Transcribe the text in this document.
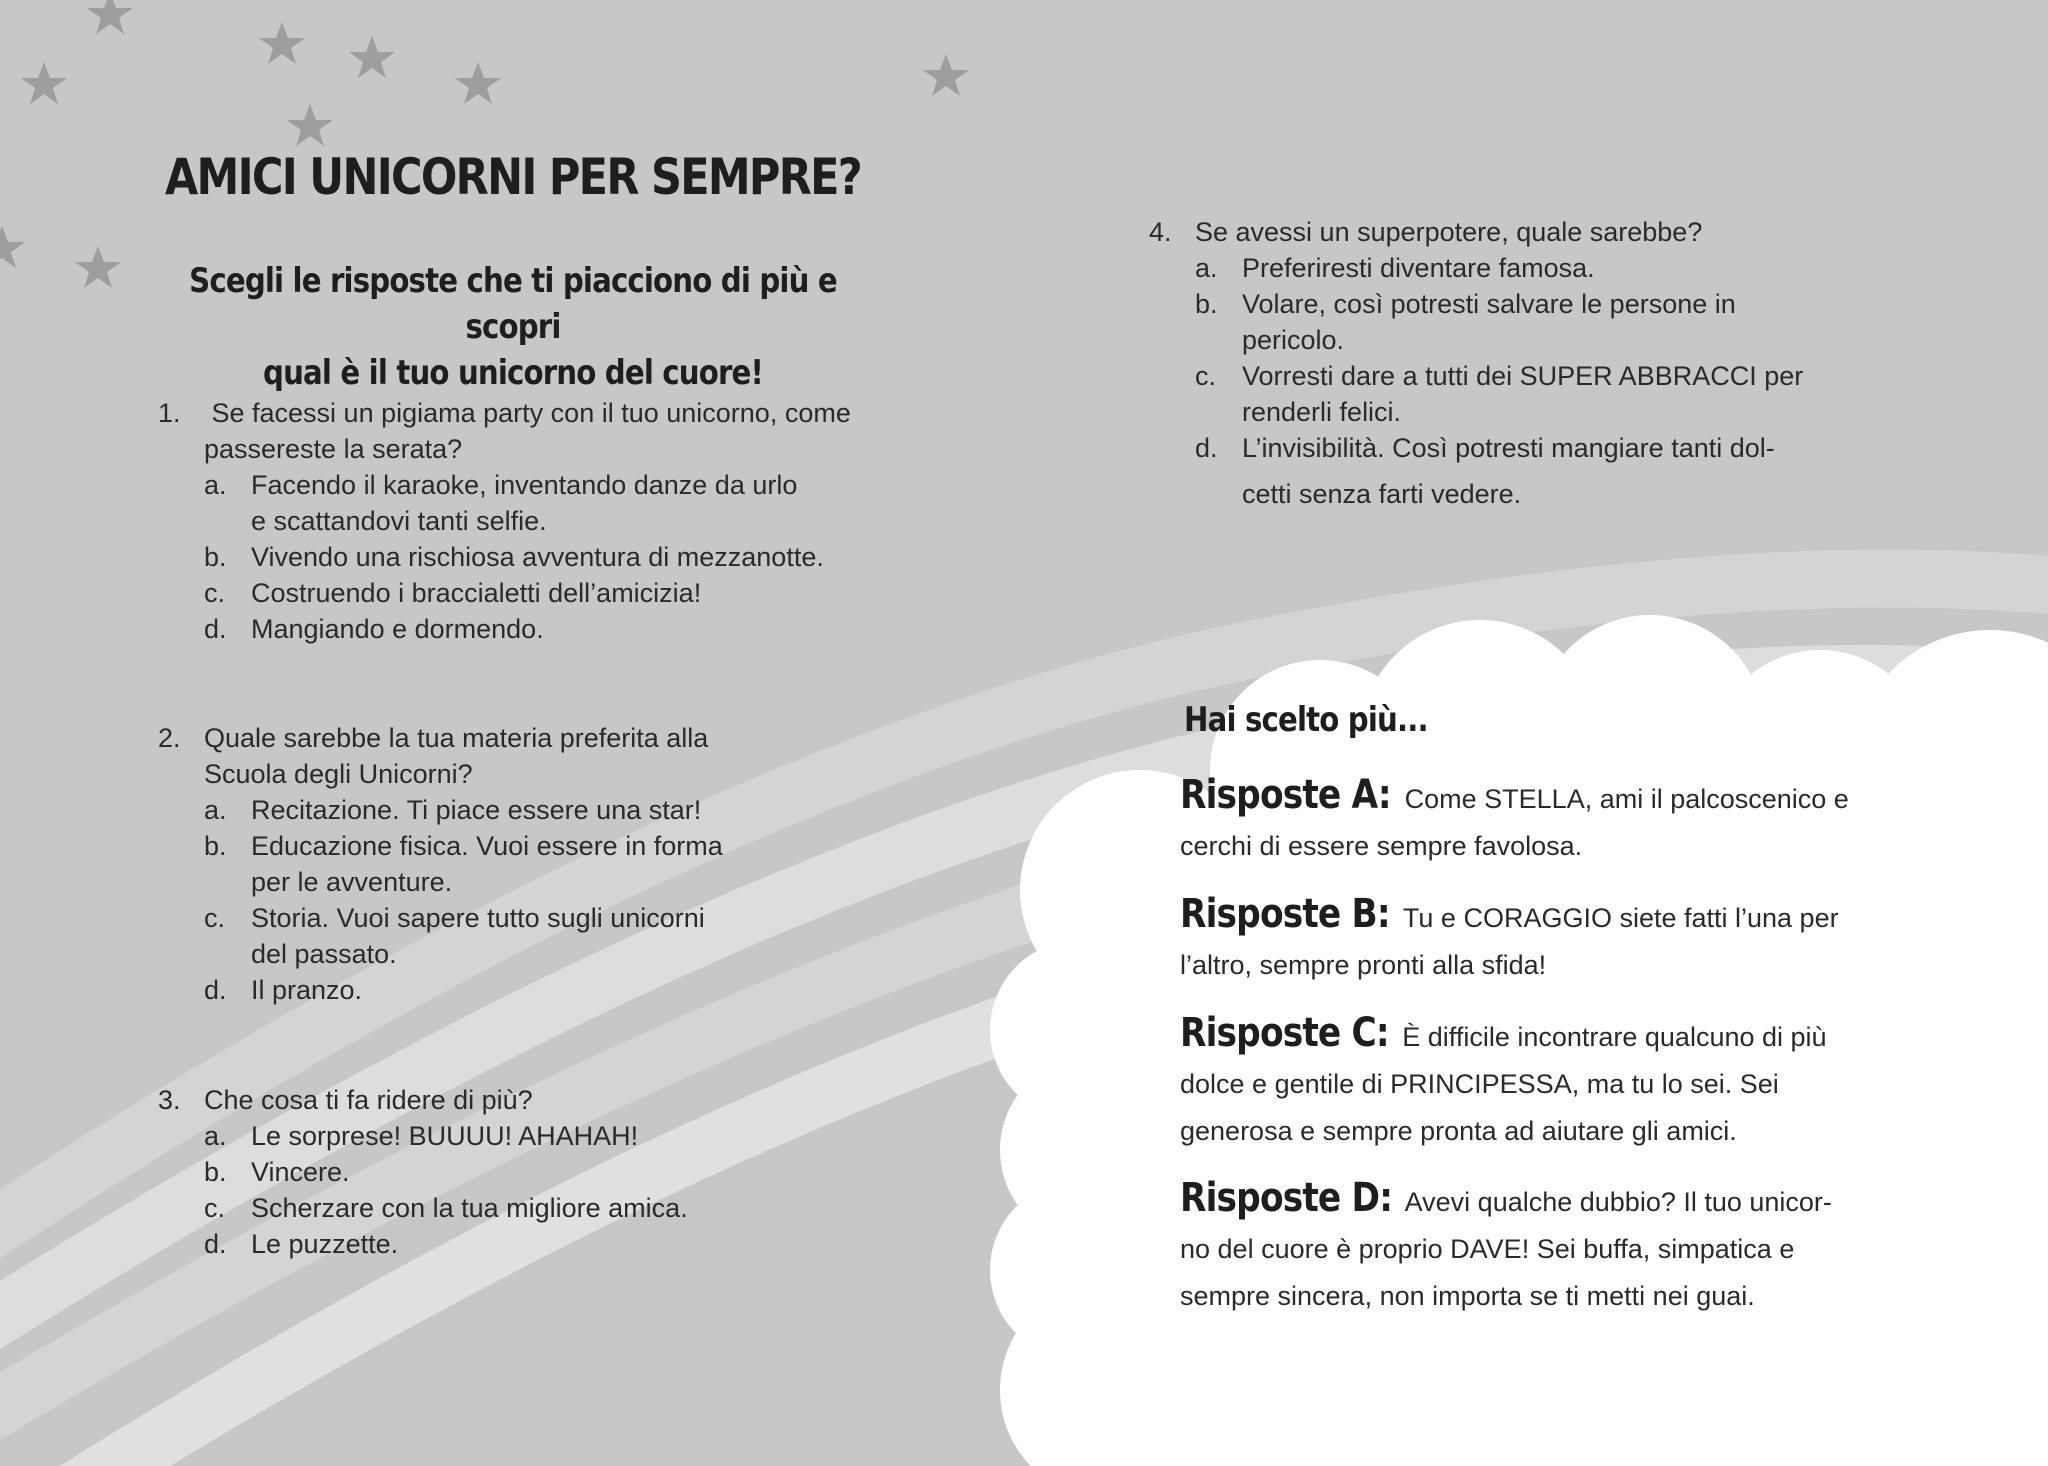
AMICI UNICORNI PER SEMPRE?
Scegli le risposte che ti piacciono di più e scopri
qual è il tuo unicorno del cuore!
1. Se facessi un pigiama party con il tuo unicorno, come
passereste la serata?
a. Facendo il karaoke, inventando danze da urlo
e scattandovi tanti selfie.
b. Vivendo una rischiosa avventura di mezzanotte.
c. Costruendo i braccialetti dell’amicizia!
d. Mangiando e dormendo.
2. Quale sarebbe la tua materia preferita alla
Scuola degli Unicorni?
a. Recitazione. Ti piace essere una star!
b. Educazione fisica. Vuoi essere in forma
per le avventure.
c. Storia. Vuoi sapere tutto sugli unicorni
del passato.
d. Il pranzo.
3. Che cosa ti fa ridere di più?
a. Le sorprese! BUUUU! AHAHAH!
b. Vincere.
c. Scherzare con la tua migliore amica.
d. Le puzzette.
4. Se avessi un superpotere, quale sarebbe?
a. Preferiresti diventare famosa.
b. Volare, così potresti salvare le persone in
pericolo.
c. Vorresti dare a tutti dei SUPER ABBRACCI per
renderli felici.
d. L’invisibilità. Così potresti mangiare tanti dol-
cetti senza farti vedere.
Hai scelto più...
Risposte A: Come STELLA, ami il palcoscenico e
cerchi di essere sempre favolosa.
Risposte B: Tu e CORAGGIO siete fatti l’una per
l’altro, sempre pronti alla sfida!
Risposte C: È difficile incontrare qualcuno di più
dolce e gentile di PRINCIPESSA, ma tu lo sei. Sei
generosa e sempre pronta ad aiutare gli amici.
Risposte D: Avevi qualche dubbio? Il tuo unicor-
no del cuore è proprio DAVE! Sei buffa, simpatica e
sempre sincera, non importa se ti metti nei guai.
